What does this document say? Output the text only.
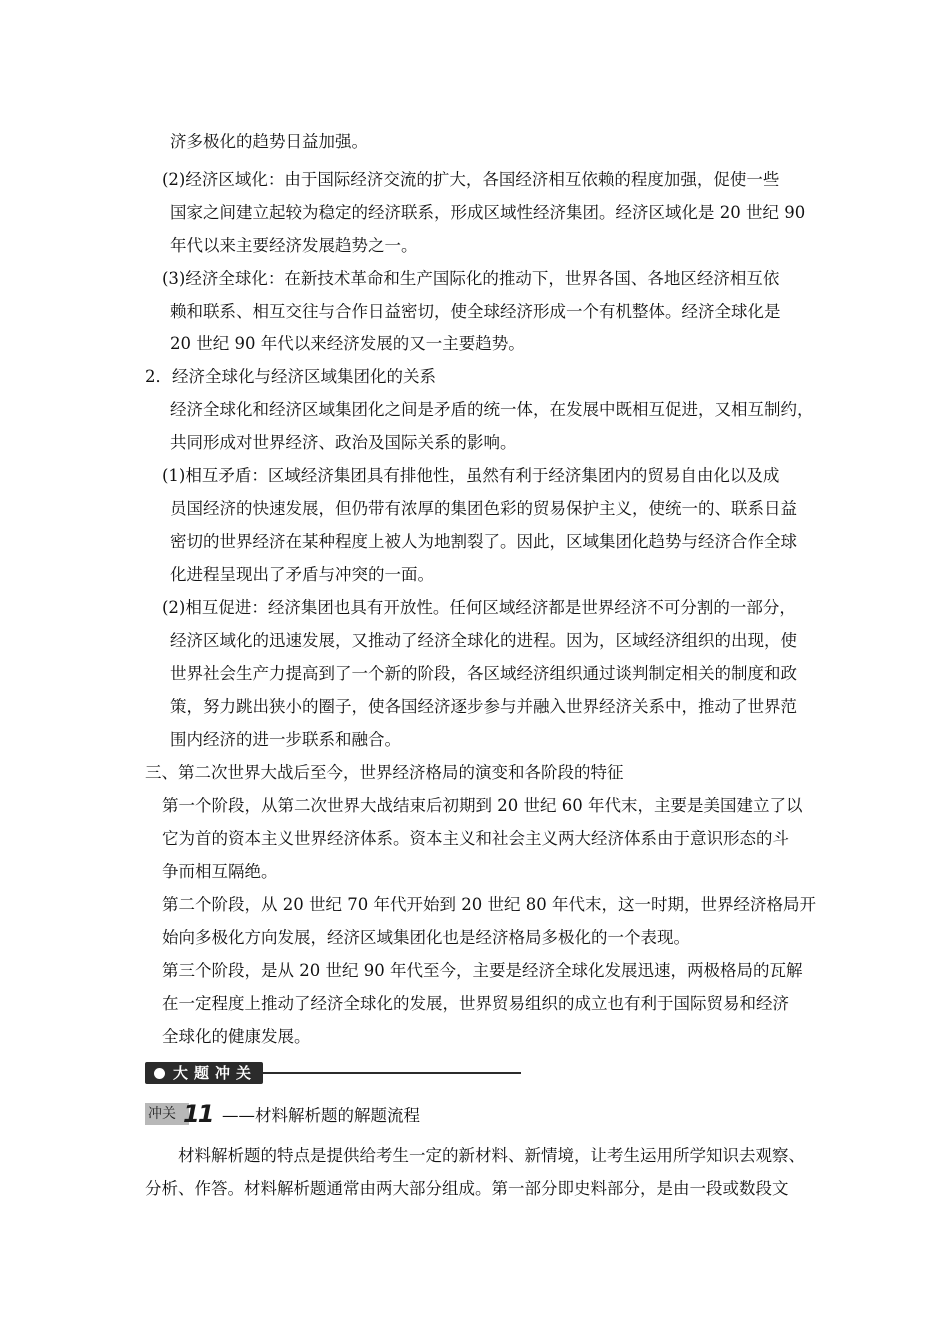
济多极化的趋势日益加强。
(2)经济区域化：由于国际经济交流的扩大，各国经济相互依赖的程度加强，促使一些
国家之间建立起较为稳定的经济联系，形成区域性经济集团。经济区域化是 20 世纪 90
年代以来主要经济发展趋势之一。
(3)经济全球化：在新技术革命和生产国际化的推动下，世界各国、各地区经济相互依
赖和联系、相互交往与合作日益密切，使全球经济形成一个有机整体。经济全球化是
20 世纪 90 年代以来经济发展的又一主要趋势。
2．经济全球化与经济区域集团化的关系
经济全球化和经济区域集团化之间是矛盾的统一体，在发展中既相互促进，又相互制约，
共同形成对世界经济、政治及国际关系的影响。
(1)相互矛盾：区域经济集团具有排他性，虽然有利于经济集团内的贸易自由化以及成
员国经济的快速发展，但仍带有浓厚的集团色彩的贸易保护主义，使统一的、联系日益
密切的世界经济在某种程度上被人为地割裂了。因此，区域集团化趋势与经济合作全球
化进程呈现出了矛盾与冲突的一面。
(2)相互促进：经济集团也具有开放性。任何区域经济都是世界经济不可分割的一部分，
经济区域化的迅速发展，又推动了经济全球化的进程。因为，区域经济组织的出现，使
世界社会生产力提高到了一个新的阶段，各区域经济组织通过谈判制定相关的制度和政
策，努力跳出狭小的圈子，使各国经济逐步参与并融入世界经济关系中，推动了世界范
围内经济的进一步联系和融合。
三、第二次世界大战后至今，世界经济格局的演变和各阶段的特征
第一个阶段，从第二次世界大战结束后初期到 20 世纪 60 年代末，主要是美国建立了以
它为首的资本主义世界经济体系。资本主义和社会主义两大经济体系由于意识形态的斗
争而相互隔绝。
第二个阶段，从 20 世纪 70 年代开始到 20 世纪 80 年代末，这一时期，世界经济格局开
始向多极化方向发展，经济区域集团化也是经济格局多极化的一个表现。
第三个阶段，是从 20 世纪 90 年代至今，主要是经济全球化发展迅速，两极格局的瓦解
在一定程度上推动了经济全球化的发展，世界贸易组织的成立也有利于国际贸易和经济
大题冲关
冲关 11 ——材料解析题的解题流程
材料解析题的特点是提供给考生一定的新材料、新情境，让考生运用所学知识去观察、
分析、作答。材料解析题通常由两大部分组成。第一部分即史料部分，是由一段或数段文
全球化的健康发展。
